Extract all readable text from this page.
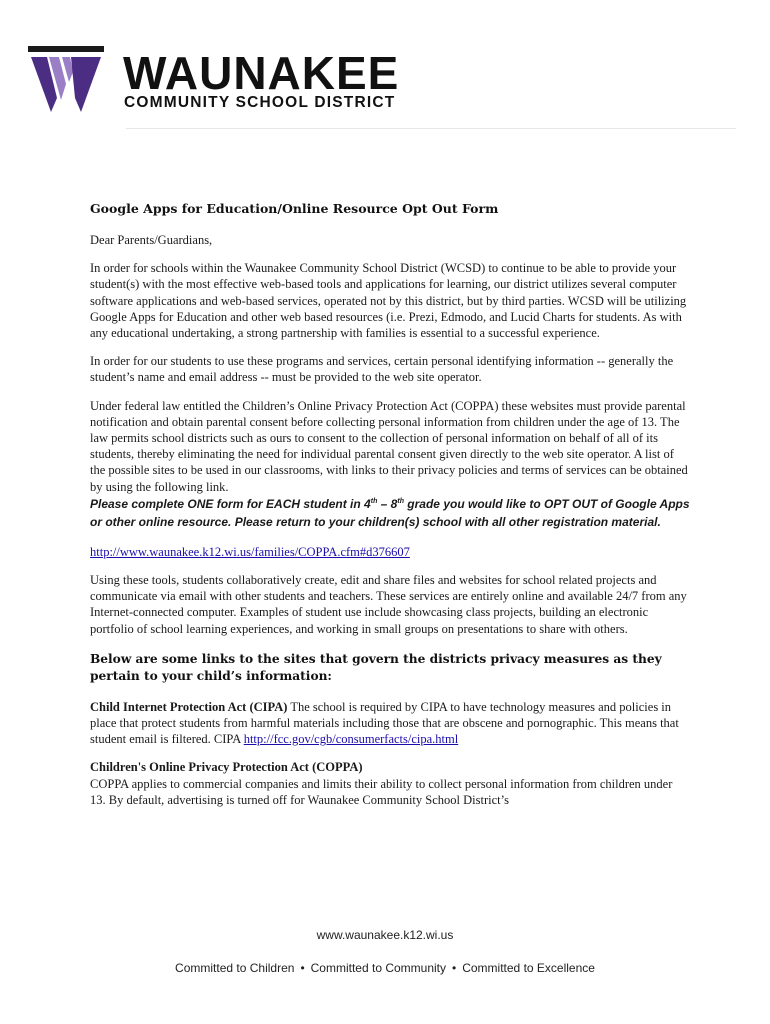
WAUNAKEE
COMMUNITY SCHOOL DISTRICT
Google Apps for Education/Online Resource Opt Out Form

Dear Parents/Guardians,

In order for schools within the Waunakee Community School District (WCSD) to continue to be able to provide your student(s) with the most effective web-based tools and applications for learning, our district utilizes several computer software applications and web-based services, operated not by this district, but by third parties. WCSD will be utilizing Google Apps for Education and other web based resources (i.e. Prezi, Edmodo, and Lucid Charts for students. As with any educational undertaking, a strong partnership with families is essential to a successful experience.

In order for our students to use these programs and services, certain personal identifying information -- generally the student’s name and email address -- must be provided to the web site operator.

Under federal law entitled the Children’s Online Privacy Protection Act (COPPA) these websites must provide parental notification and obtain parental consent before collecting personal information from children under the age of 13. The law permits school districts such as ours to consent to the collection of personal information on behalf of all of its students, thereby eliminating the need for individual parental consent given directly to the web site operator. A list of the possible sites to be used in our classrooms, with links to their privacy policies and terms of services can be obtained by using the following link.

Please complete ONE form for EACH student in 4th – 8th grade you would like to OPT OUT of Google Apps or other online resource. Please return to your children(s) school with all other registration material.

http://www.waunakee.k12.wi.us/families/COPPA.cfm#d376607

Using these tools, students collaboratively create, edit and share files and websites for school related projects and communicate via email with other students and teachers. These services are entirely online and available 24/7 from any Internet-connected computer. Examples of student use include showcasing class projects, building an electronic portfolio of school learning experiences, and working in small groups on presentations to share with others.

Below are some links to the sites that govern the districts privacy measures as they pertain to your child’s information:

Child Internet Protection Act (CIPA) The school is required by CIPA to have technology measures and policies in place that protect students from harmful materials including those that are obscene and pornographic. This means that student email is filtered. CIPA http://fcc.gov/cgb/consumerfacts/cipa.html

Children's Online Privacy Protection Act (COPPA)
COPPA applies to commercial companies and limits their ability to collect personal information from children under 13. By default, advertising is turned off for Waunakee Community School District’s

www.waunakee.k12.wi.us
Committed to Children • Committed to Community • Committed to Excellence
